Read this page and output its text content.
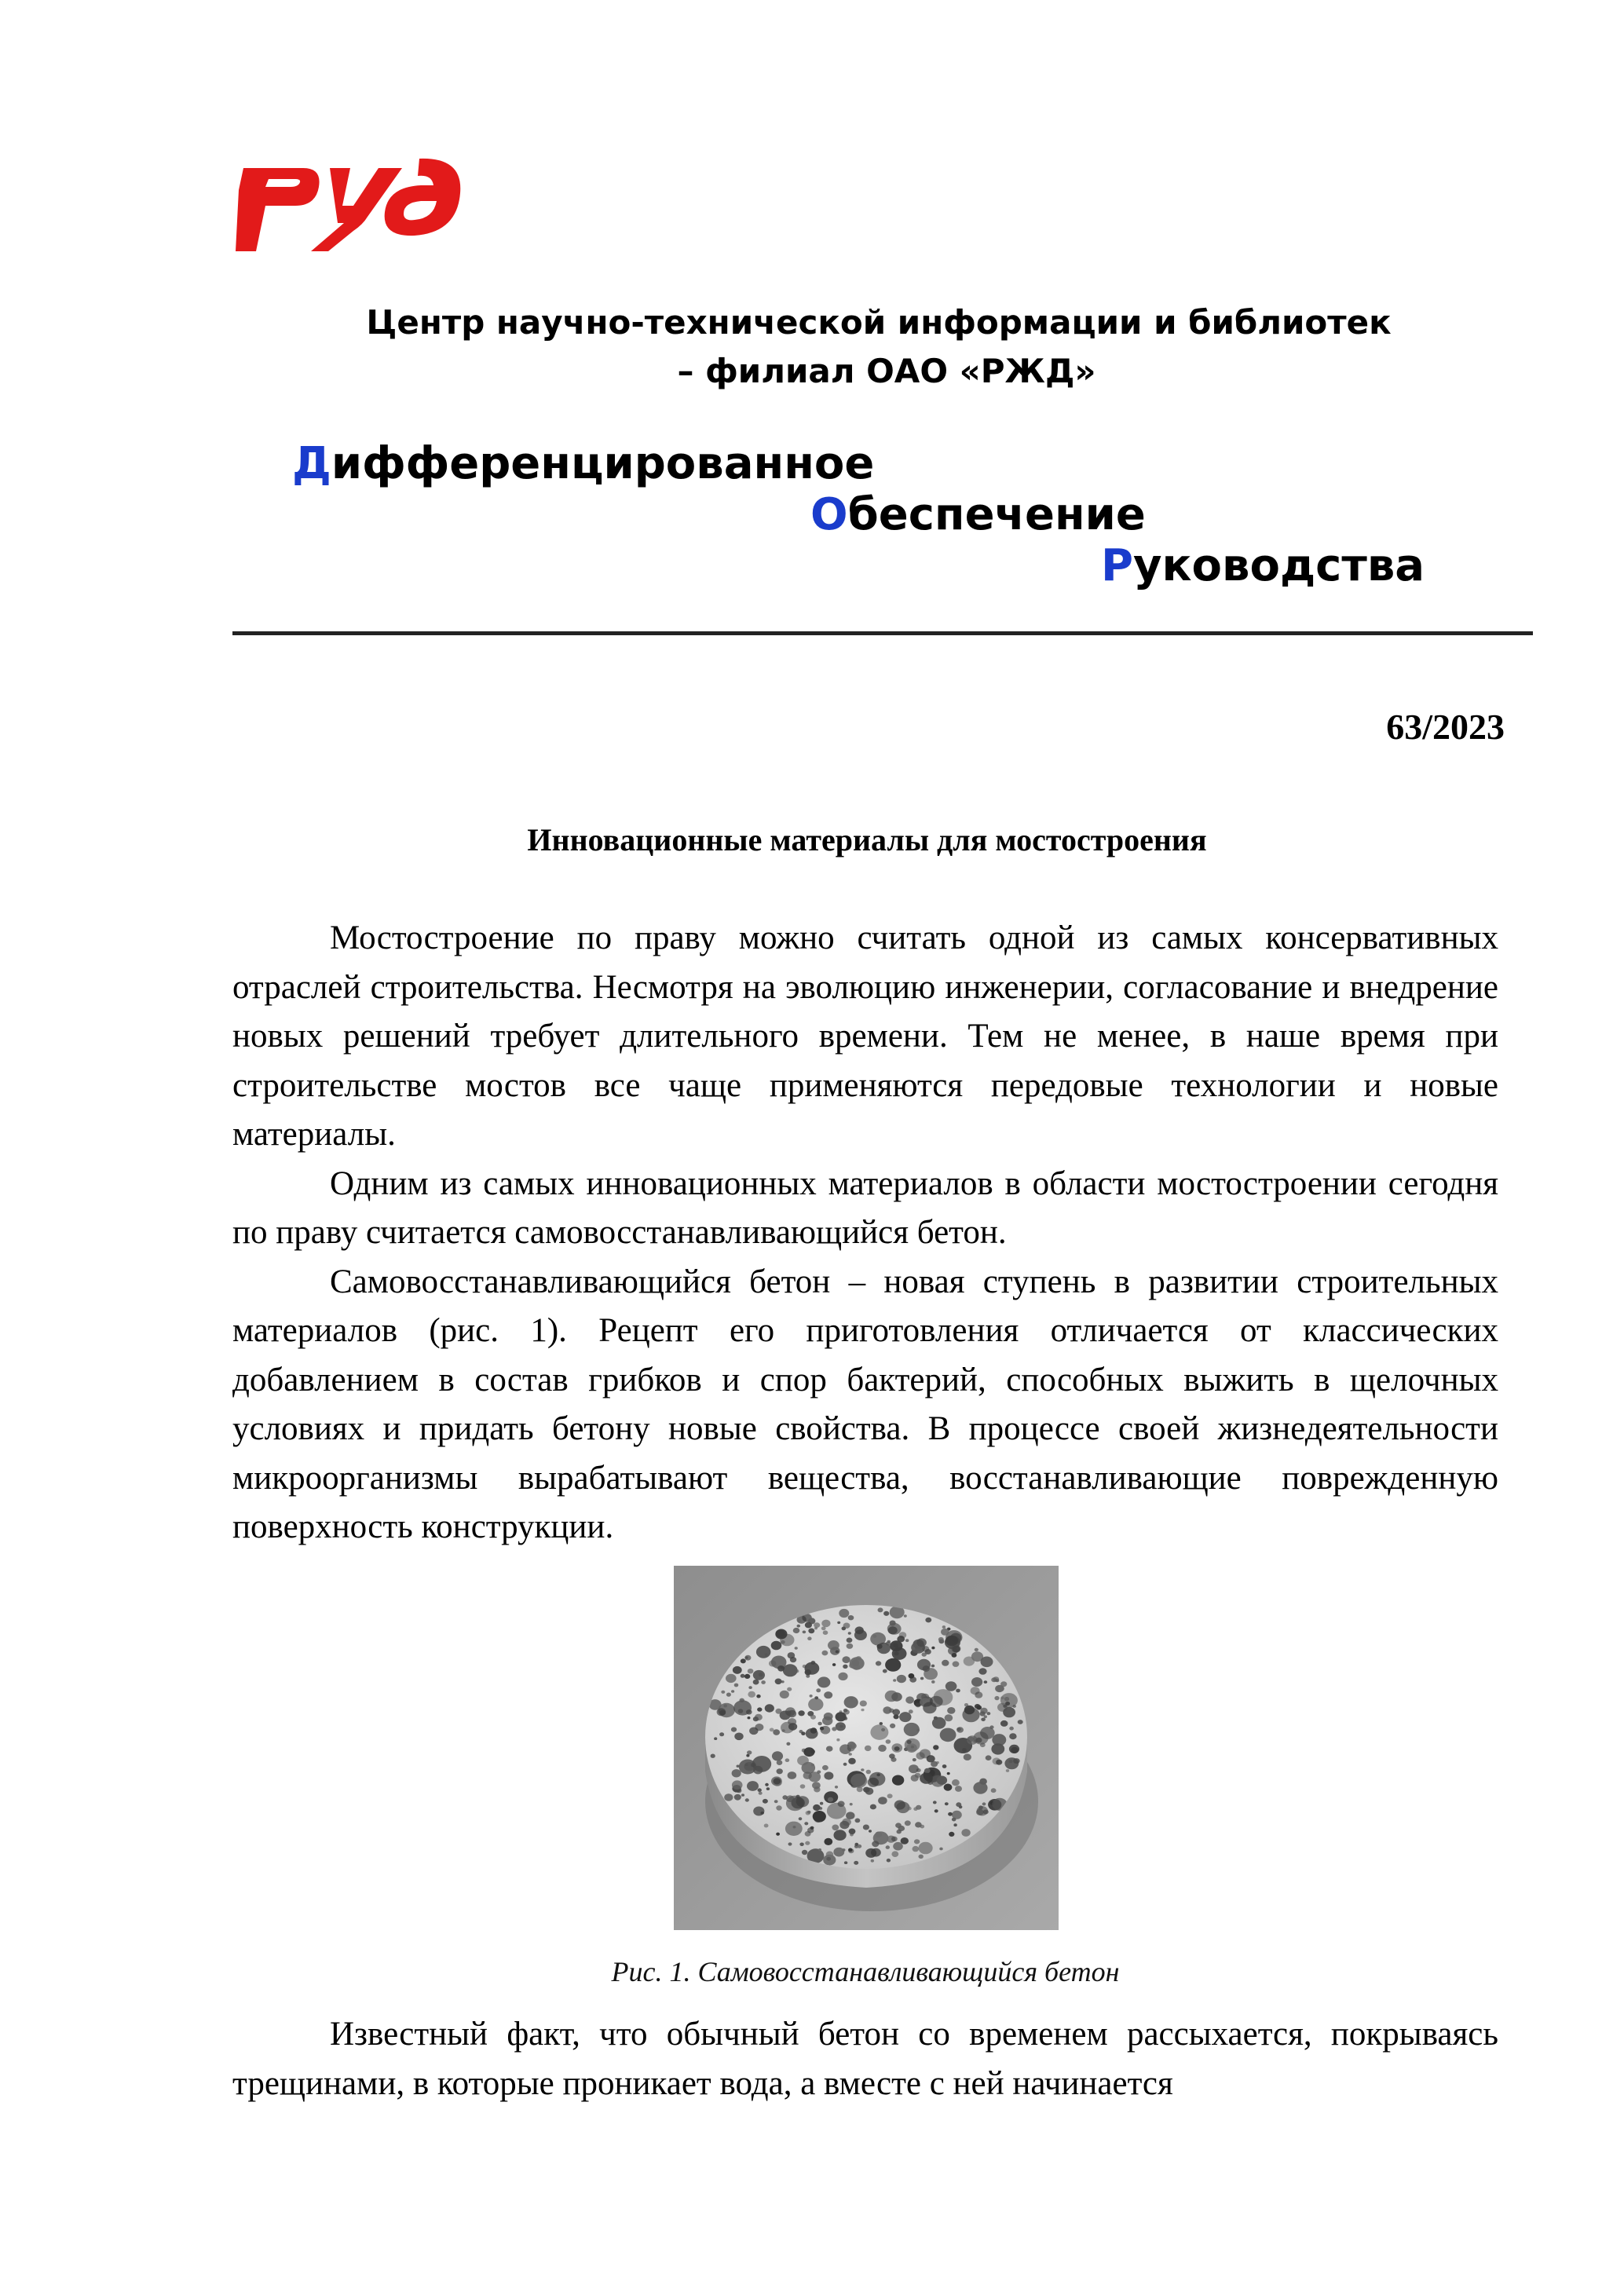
Центр научно-технической информации и библиотек
– филиал ОАО «РЖД»
Дифференцированное
Обеспечение
Руководства
63/2023
Инновационные материалы для мостостроения

Мостостроение по праву можно считать одной из самых консервативных отраслей строительства. Несмотря на эволюцию инженерии, согласование и внедрение новых решений требует длительного времени. Тем не менее, в наше время при строительстве мостов все чаще применяются передовые технологии и новые материалы.

Одним из самых инновационных материалов в области мостостроении сегодня по праву считается самовосстанавливающийся бетон.

Самовосстанавливающийся бетон – новая ступень в развитии строительных материалов (рис. 1). Рецепт его приготовления отличается от классических добавлением в состав грибков и спор бактерий, способных выжить в щелочных условиях и придать бетону новые свойства. В процессе своей жизнедеятельности микроорганизмы вырабатывают вещества, восстанавливающие поврежденную поверхность конструкции.

Рис. 1. Самовосстанавливающийся бетон

Известный факт, что обычный бетон со временем рассыхается, покрываясь трещинами, в которые проникает вода, а вместе с ней начинается
